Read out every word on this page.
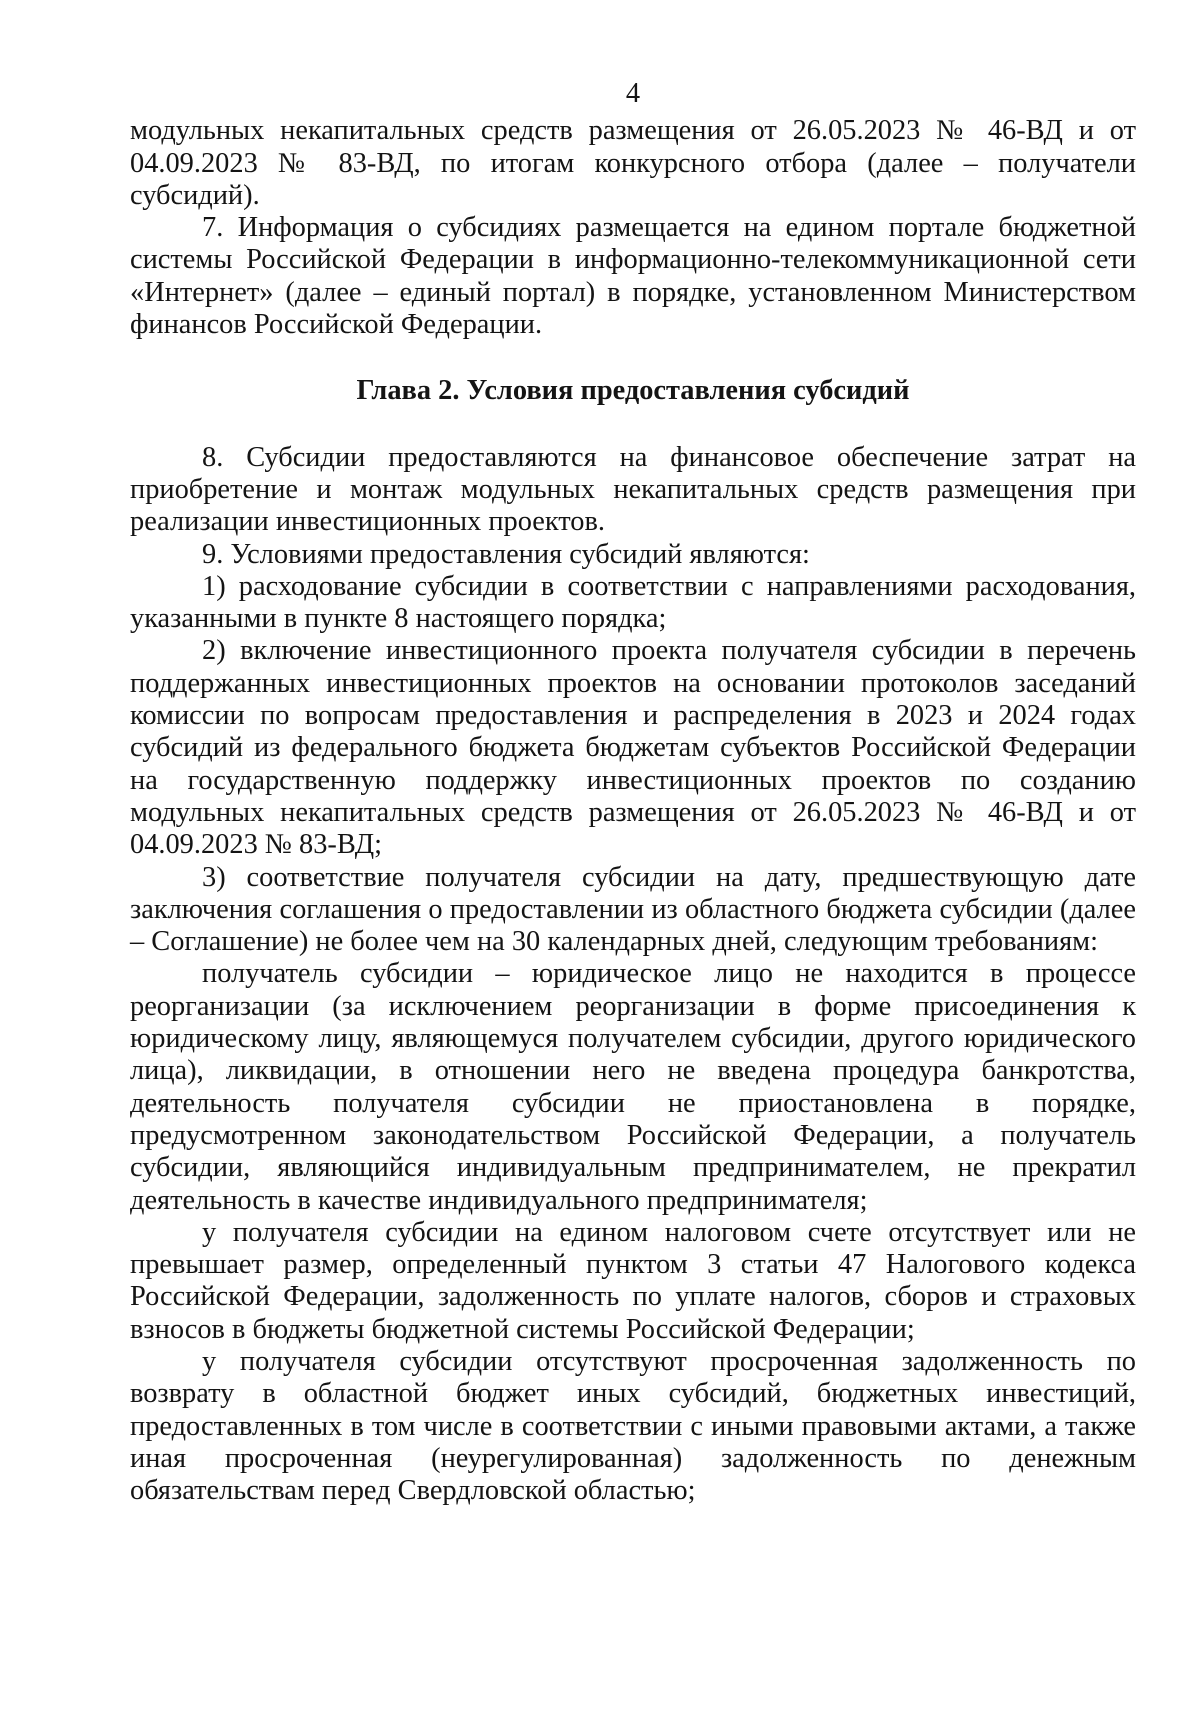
4

модульных некапитальных средств размещения от 26.05.2023 № 46-ВД и от 04.09.2023 № 83-ВД, по итогам конкурсного отбора (далее – получатели субсидий).

7. Информация о субсидиях размещается на едином портале бюджетной системы Российской Федерации в информационно-телекоммуникационной сети «Интернет» (далее – единый портал) в порядке, установленном Министерством финансов Российской Федерации.

Глава 2. Условия предоставления субсидий

8. Субсидии предоставляются на финансовое обеспечение затрат на приобретение и монтаж модульных некапитальных средств размещения при реализации инвестиционных проектов.

9. Условиями предоставления субсидий являются:

1) расходование субсидии в соответствии с направлениями расходования, указанными в пункте 8 настоящего порядка;

2) включение инвестиционного проекта получателя субсидии в перечень поддержанных инвестиционных проектов на основании протоколов заседаний комиссии по вопросам предоставления и распределения в 2023 и 2024 годах субсидий из федерального бюджета бюджетам субъектов Российской Федерации на государственную поддержку инвестиционных проектов по созданию модульных некапитальных средств размещения от 26.05.2023 № 46-ВД и от 04.09.2023 № 83-ВД;

3) соответствие получателя субсидии на дату, предшествующую дате заключения соглашения о предоставлении из областного бюджета субсидии (далее – Соглашение) не более чем на 30 календарных дней, следующим требованиям:

получатель субсидии – юридическое лицо не находится в процессе реорганизации (за исключением реорганизации в форме присоединения к юридическому лицу, являющемуся получателем субсидии, другого юридического лица), ликвидации, в отношении него не введена процедура банкротства, деятельность получателя субсидии не приостановлена в порядке, предусмотренном законодательством Российской Федерации, а получатель субсидии, являющийся индивидуальным предпринимателем, не прекратил деятельность в качестве индивидуального предпринимателя;

у получателя субсидии на едином налоговом счете отсутствует или не превышает размер, определенный пунктом 3 статьи 47 Налогового кодекса Российской Федерации, задолженность по уплате налогов, сборов и страховых взносов в бюджеты бюджетной системы Российской Федерации;

у получателя субсидии отсутствуют просроченная задолженность по возврату в областной бюджет иных субсидий, бюджетных инвестиций, предоставленных в том числе в соответствии с иными правовыми актами, а также иная просроченная (неурегулированная) задолженность по денежным обязательствам перед Свердловской областью;
